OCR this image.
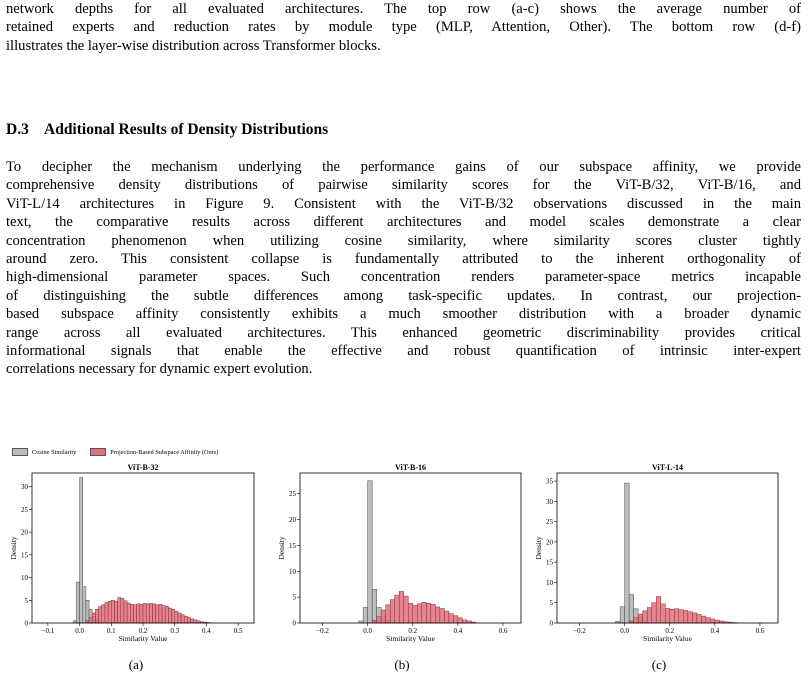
network depths for all evaluated architectures. The top row (a-c) shows the average number of
retained experts and reduction rates by module type (MLP, Attention, Other). The bottom row (d-f)
illustrates the layer-wise distribution across Transformer blocks.

D.3 Additional Results of Density Distributions

To decipher the mechanism underlying the performance gains of our subspace affinity, we provide
comprehensive density distributions of pairwise similarity scores for the ViT-B/32, ViT-B/16, and
ViT-L/14 architectures in Figure 9. Consistent with the ViT-B/32 observations discussed in the main
text, the comparative results across different architectures and model scales demonstrate a clear
concentration phenomenon when utilizing cosine similarity, where similarity scores cluster tightly
around zero. This consistent collapse is fundamentally attributed to the inherent orthogonality of
high-dimensional parameter spaces. Such concentration renders parameter-space metrics incapable
of distinguishing the subtle differences among task-specific updates. In contrast, our projection-
based subspace affinity consistently exhibits a much smoother distribution with a broader dynamic
range across all evaluated architectures. This enhanced geometric discriminability provides critical
informational signals that enable the effective and robust quantification of intrinsic inter-expert
correlations necessary for dynamic expert evolution.

Cosine Similarity	Projection-Based Subspace Affinity (Ours)
ViT-B-32
−0.1	0.0	0.1	0.2	0.3	0.4	0.5
0
5
10
15
20
25
30
Similarity Value
Density
ViT-B-16
−0.2	0.0	0.2	0.4	0.6
0
5
10
15
20
25
Similarity Value
Density
ViT-L-14
−0.2	0.0	0.2	0.4	0.6
0
5
10
15
20
25
30
35
Similarity Value
Density
(a)	(b)	(c)
